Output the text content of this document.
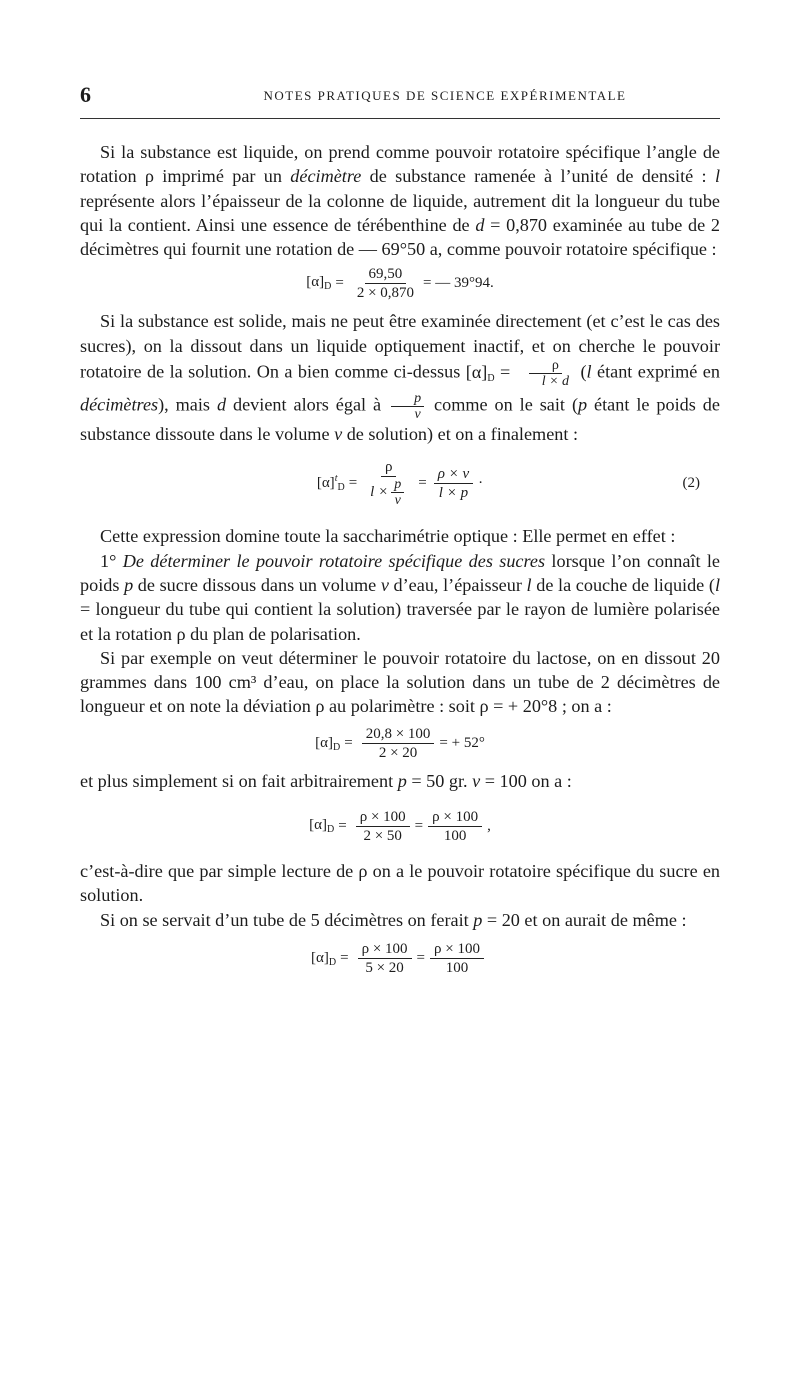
6	NOTES PRATIQUES DE SCIENCE EXPÉRIMENTALE

Si la substance est liquide, on prend comme pouvoir rotatoire spécifique l’angle de rotation ρ imprimé par un décimètre de substance ramenée à l’unité de densité : l représente alors l’épaisseur de la colonne de liquide, autrement dit la longueur du tube qui la contient. Ainsi une essence de térébenthine de d = 0,870 examinée au tube de 2 décimètres qui fournit une rotation de — 69°50 a, comme pouvoir rotatoire spécifique :

$[\alpha]_D = \frac{69,50}{2 \times 0,870}$ = — 39°94.

Si la substance est solide, mais ne peut être examinée directement (et c’est le cas des sucres), on la dissout dans un liquide optiquement inactif, et on cherche le pouvoir rotatoire de la solution. On a bien comme ci-dessus $[\alpha]_D = \frac{\rho}{l \times d} (l$ étant exprimé en décimètres), mais d devient alors égal à $\frac{p}{v}$ comme on le sait (p étant le poids de substance dissoute dans le volume v de solution) et on a finalement :

$[\alpha]^t_D = \frac{\rho}{l \times \frac{p}{v}} = \frac{\rho \times v}{l \times p}$ ·	(2)

Cette expression domine toute la saccharimétrie optique : Elle permet en effet :

1° De déterminer le pouvoir rotatoire spécifique des sucres lorsque l’on connaît le poids p de sucre dissous dans un volume v d’eau, l’épaisseur l de la couche de liquide (l = longueur du tube qui contient la solution) traversée par le rayon de lumière polarisée et la rotation ρ du plan de polarisation.

Si par exemple on veut déterminer le pouvoir rotatoire du lactose, on en dissout 20 grammes dans 100 cm³ d’eau, on place la solution dans un tube de 2 décimètres de longueur et on note la déviation ρ au polarimètre : soit ρ = + 20°8 ; on a :

$[\alpha]_D = \frac{20,8 \times 100}{2 \times 20}$ = + 52°

et plus simplement si on fait arbitrairement p = 50 gr. v = 100 on a :

$[\alpha]_D = \frac{\rho \times 100}{2 \times 50} = \frac{\rho \times 100}{100}$ ,

c’est-à-dire que par simple lecture de ρ on a le pouvoir rotatoire spécifique du sucre en solution.

Si on se servait d’un tube de 5 décimètres on ferait p = 20 et on aurait de même :

$[\alpha]_D = \frac{\rho \times 100}{5 \times 20} = \frac{\rho \times 100}{100}$
